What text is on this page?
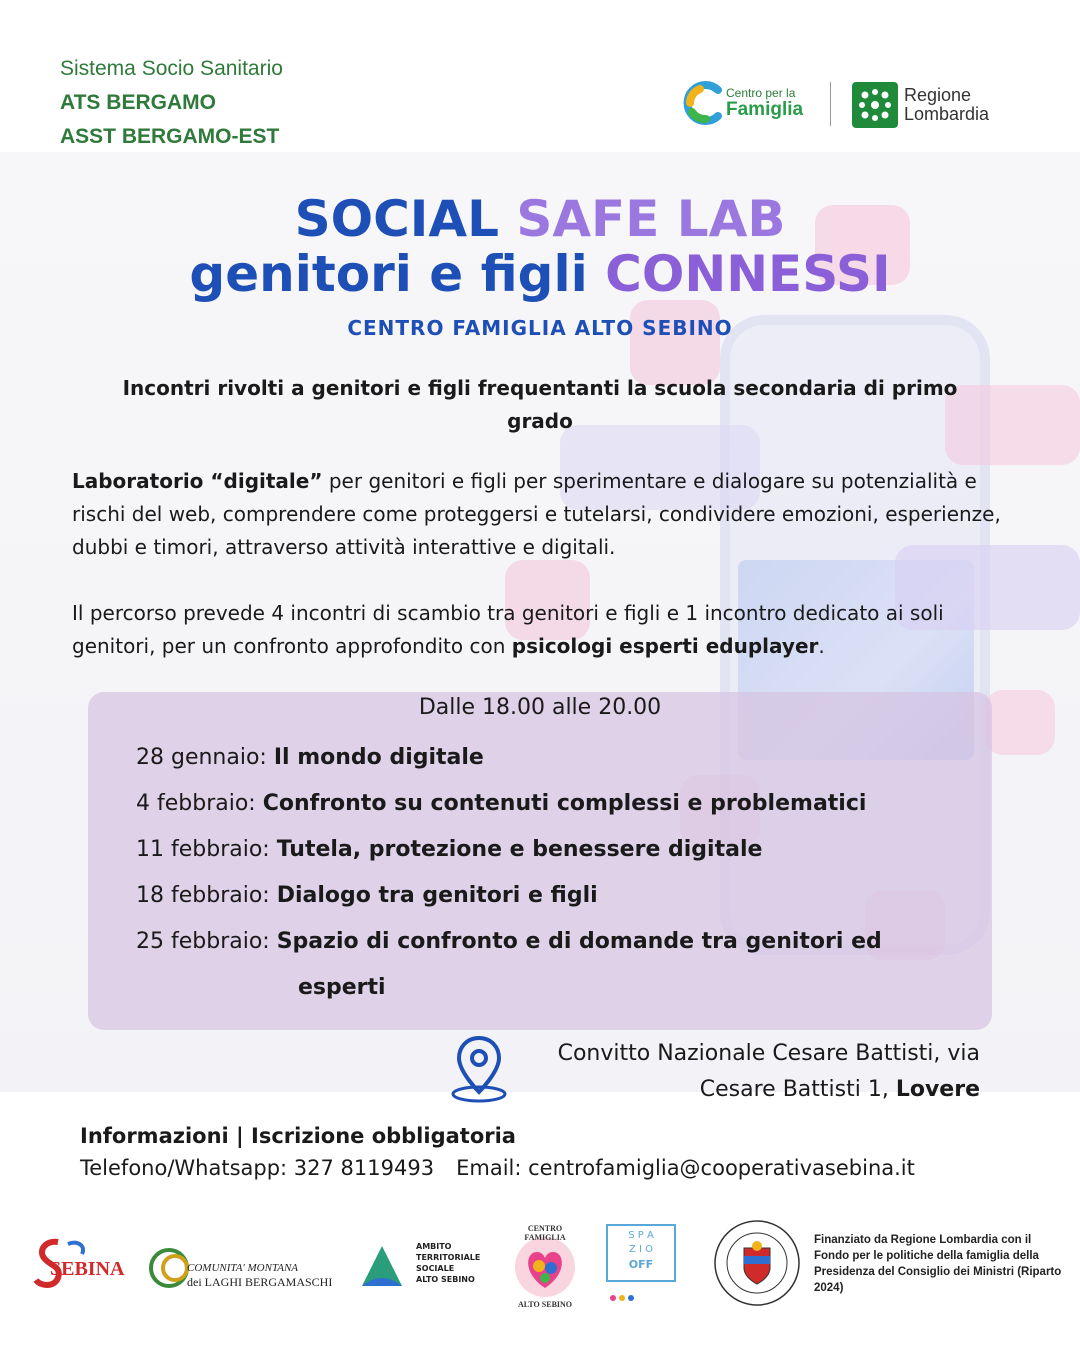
Sistema Socio Sanitario
ATS BERGAMO
ASST BERGAMO-EST
Centro per la
Famiglia
Regione
Lombardia
SOCIAL SAFE LAB
genitori e figli CONNESSI
CENTRO FAMIGLIA ALTO SEBINO
Incontri rivolti a genitori e figli frequentanti la scuola secondaria di primo grado
Laboratorio “digitale” per genitori e figli per sperimentare e dialogare su potenzialità e rischi del web, comprendere come proteggersi e tutelarsi, condividere emozioni, esperienze, dubbi e timori, attraverso attività interattive e digitali.
Il percorso prevede 4 incontri di scambio tra genitori e figli e 1 incontro dedicato ai soli genitori, per un confronto approfondito con psicologi esperti eduplayer.
Dalle 18.00 alle 20.00
28 gennaio: Il mondo digitale
4 febbraio: Confronto su contenuti complessi e problematici
11 febbraio: Tutela, protezione e benessere digitale
18 febbraio: Dialogo tra genitori e figli
25 febbraio: Spazio di confronto e di domande tra genitori ed
esperti
Convitto Nazionale Cesare Battisti, via
Cesare Battisti 1, Lovere
Informazioni | Iscrizione obbligatoria
Telefono/Whatsapp: 327 8119493 Email: centrofamiglia@cooperativasebina.it
SEBINA	COMUNITA' MONTANA
dei LAGHI BERGAMASCHI
AMBITO
TERRITORIALE
SOCIALE
ALTO SEBINO
CENTRO FAMIGLIA
ALTO SEBINO
S P A
Z I O
OFF
Finanziato da Regione Lombardia con il Fondo per le politiche della famiglia della Presidenza del Consiglio dei Ministri (Riparto 2024)
